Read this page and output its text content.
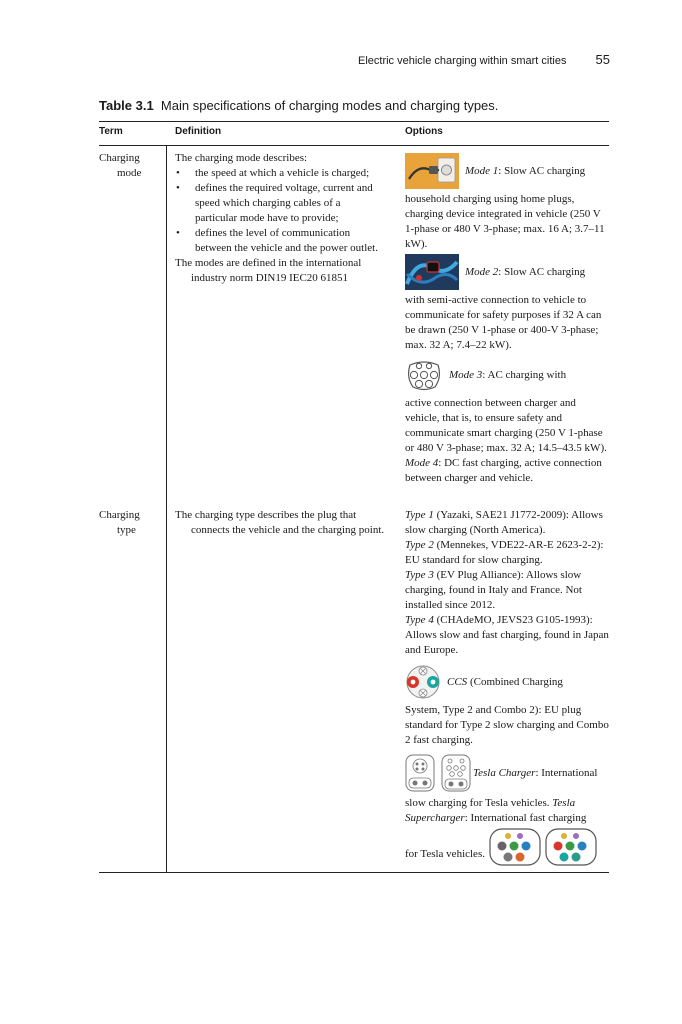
Electric vehicle charging within smart cities 55
Table 3.1 Main specifications of charging modes and charging types.
Term	Definition	Options
Charging
mode
The charging mode describes:
• the speed at which a vehicle is charged;
• defines the required voltage, current and speed which charging cables of a particular mode have to provide;
• defines the level of communication between the vehicle and the power outlet.
The modes are defined in the international industry norm DIN19 IEC20 61851
Mode 1: Slow AC charging

household charging using home plugs, charging device integrated in vehicle (250 V 1-phase or 480 V 3-phase; max. 16 A; 3.7–11 kW).

Mode 2: Slow AC charging

with semi-active connection to vehicle to communicate for safety purposes if 32 A can be drawn (250 V 1-phase or 400-V 3-phase; max. 32 A; 7.4–22 kW).

Mode 3: AC charging with

active connection between charger and vehicle, that is, to ensure safety and communicate smart charging (250 V 1-phase or 480 V 3-phase; max. 32 A; 14.5–43.5 kW).

Mode 4: DC fast charging, active connection between charger and vehicle.

Charging
type
The charging type describes the plug that connects the vehicle and the charging point.

Type 1 (Yazaki, SAE21 J1772-2009): Allows slow charging (North America).

Type 2 (Mennekes, VDE22-AR-E 2623-2-2): EU standard for slow charging.

Type 3 (EV Plug Alliance): Allows slow charging, found in Italy and France. Not installed since 2012.

Type 4 (CHAdeMO, JEVS23 G105-1993): Allows slow and fast charging, found in Japan and Europe.

CCS (Combined Charging

System, Type 2 and Combo 2): EU plug standard for Type 2 slow charging and Combo 2 fast charging.

Tesla Charger: International

slow charging for Tesla vehicles. Tesla Supercharger: International fast charging

for Tesla vehicles.
